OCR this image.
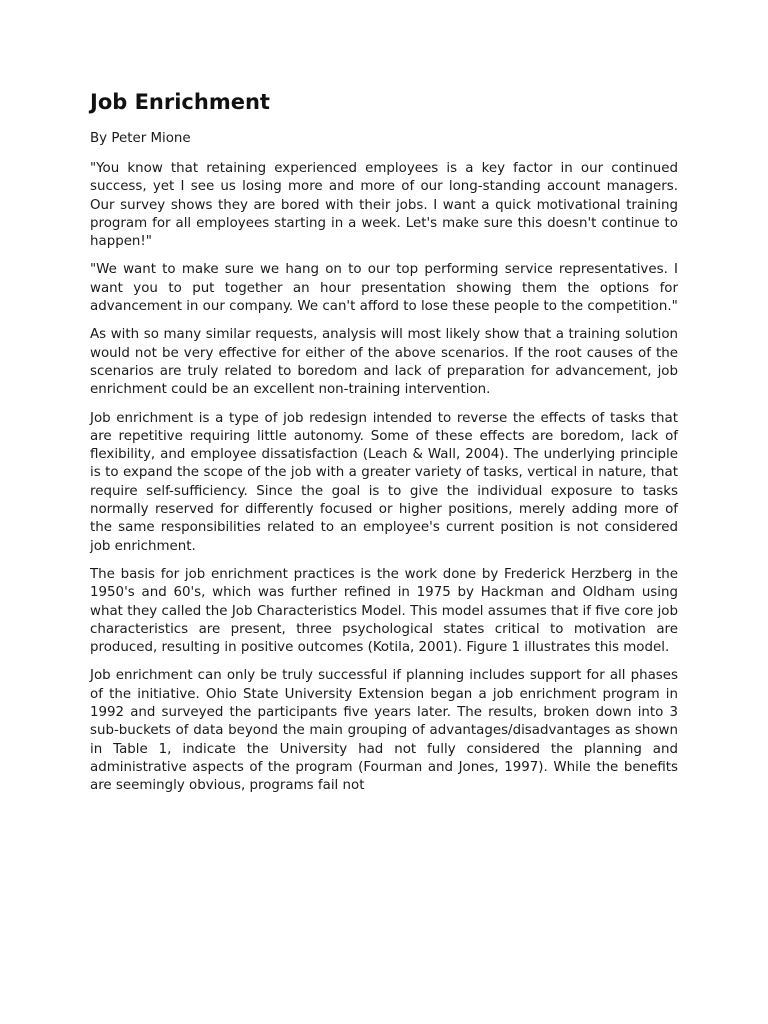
Job Enrichment

By Peter Mione

"You know that retaining experienced employees is a key factor in our continued success, yet I see us losing more and more of our long-standing account managers. Our survey shows they are bored with their jobs. I want a quick motivational training program for all employees starting in a week. Let's make sure this doesn't continue to happen!"

"We want to make sure we hang on to our top performing service representatives. I want you to put together an hour presentation showing them the options for advancement in our company. We can't afford to lose these people to the competition."

As with so many similar requests, analysis will most likely show that a training solution would not be very effective for either of the above scenarios. If the root causes of the scenarios are truly related to boredom and lack of preparation for advancement, job enrichment could be an excellent non-training intervention.

Job enrichment is a type of job redesign intended to reverse the effects of tasks that are repetitive requiring little autonomy. Some of these effects are boredom, lack of flexibility, and employee dissatisfaction (Leach & Wall, 2004). The underlying principle is to expand the scope of the job with a greater variety of tasks, vertical in nature, that require self-sufficiency. Since the goal is to give the individual exposure to tasks normally reserved for differently focused or higher positions, merely adding more of the same responsibilities related to an employee's current position is not considered job enrichment.

The basis for job enrichment practices is the work done by Frederick Herzberg in the 1950's and 60's, which was further refined in 1975 by Hackman and Oldham using what they called the Job Characteristics Model. This model assumes that if five core job characteristics are present, three psychological states critical to motivation are produced, resulting in positive outcomes (Kotila, 2001). Figure 1 illustrates this model.

Job enrichment can only be truly successful if planning includes support for all phases of the initiative. Ohio State University Extension began a job enrichment program in 1992 and surveyed the participants five years later. The results, broken down into 3 sub-buckets of data beyond the main grouping of advantages/disadvantages as shown in Table 1, indicate the University had not fully considered the planning and administrative aspects of the program (Fourman and Jones, 1997). While the benefits are seemingly obvious, programs fail not
